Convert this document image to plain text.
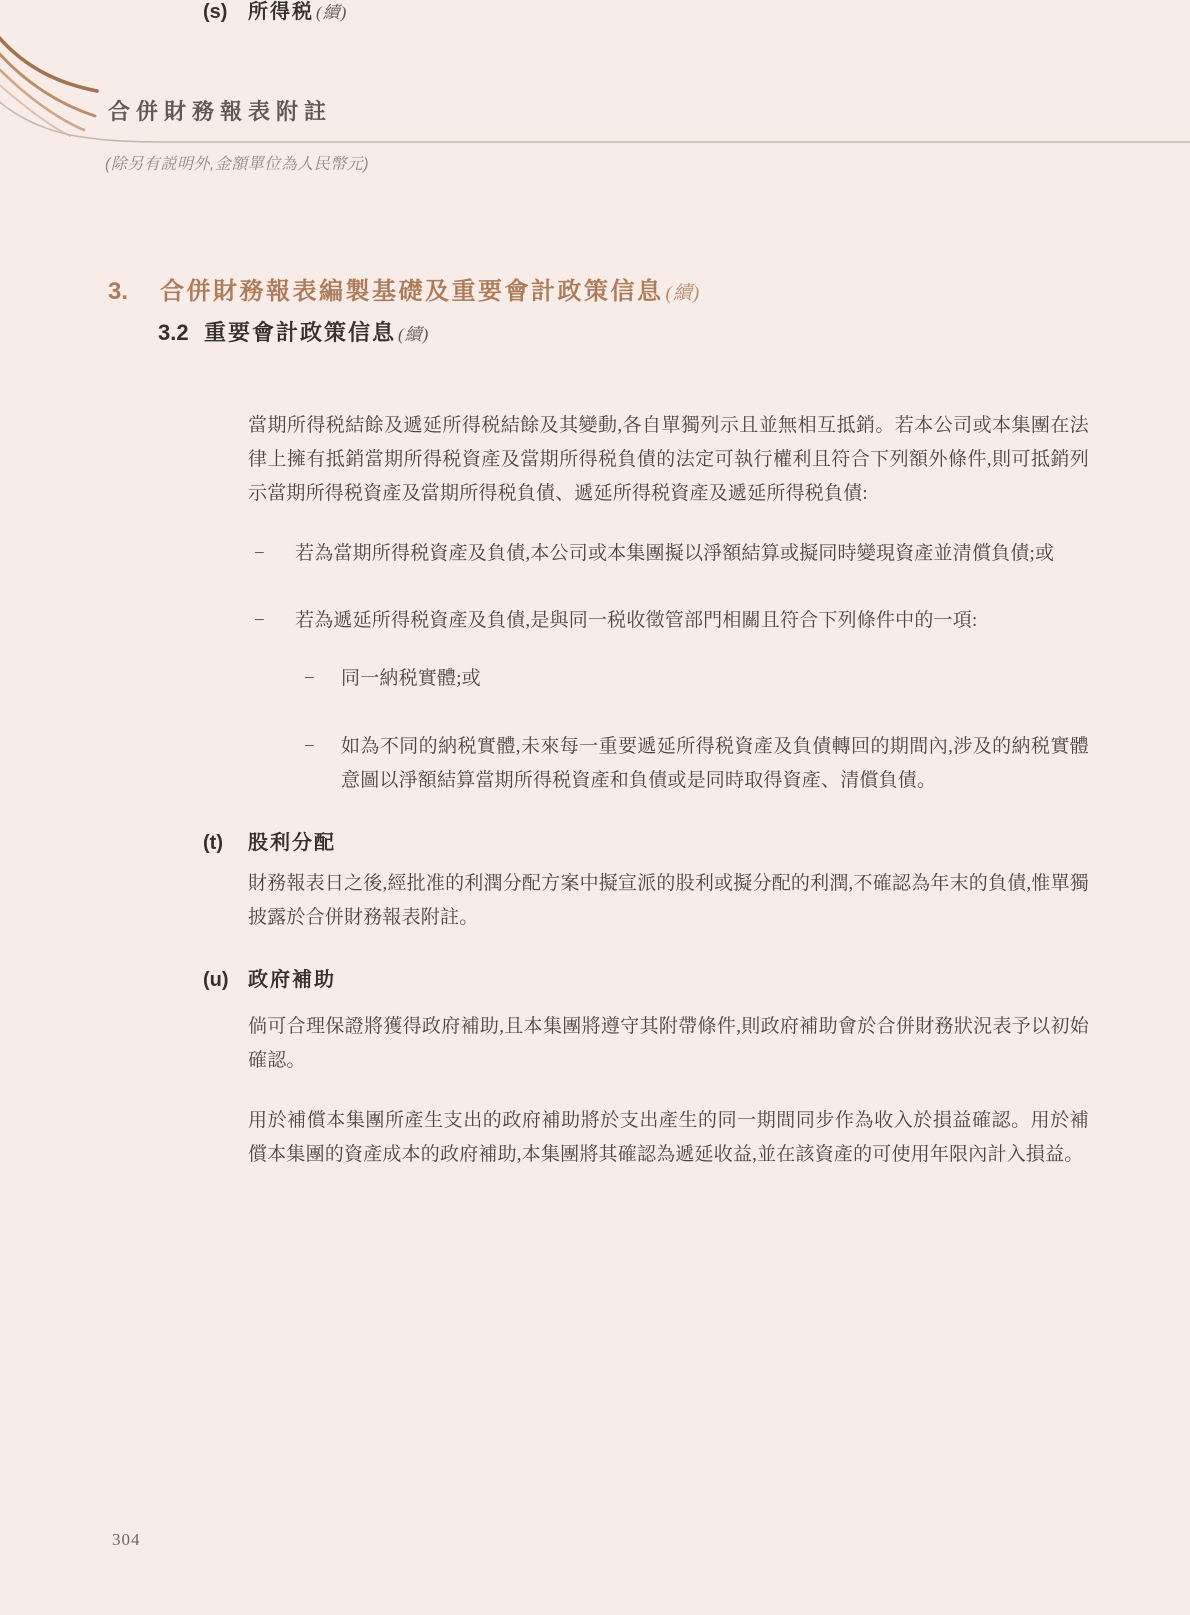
合併財務報表附註
(除另有説明外,金額單位為人民幣元)
3. 合併財務報表編製基礎及重要會計政策信息 (續)
3.2 重要會計政策信息 (續)
(s) 所得税 (續)

當期所得税結餘及遞延所得税結餘及其變動,各自單獨列示且並無相互抵銷。若本公司或本集團在法律上擁有抵銷當期所得税資產及當期所得税負債的法定可執行權利且符合下列額外條件,則可抵銷列示當期所得税資產及當期所得税負債、遞延所得税資產及遞延所得税負債:

−	若為當期所得税資產及負債,本公司或本集團擬以淨額結算或擬同時變現資產並清償負債;或
−	若為遞延所得税資產及負債,是與同一税收徵管部門相關且符合下列條件中的一項:
−	同一納税實體;或
−	如為不同的納税實體,未來每一重要遞延所得税資產及負債轉回的期間內,涉及的納税實體意圖以淨額結算當期所得税資產和負債或是同時取得資產、清償負債。
(t) 股利分配

財務報表日之後,經批准的利潤分配方案中擬宣派的股利或擬分配的利潤,不確認為年末的負債,惟單獨披露於合併財務報表附註。

(u) 政府補助

倘可合理保證將獲得政府補助,且本集團將遵守其附帶條件,則政府補助會於合併財務狀況表予以初始確認。

用於補償本集團所產生支出的政府補助將於支出產生的同一期間同步作為收入於損益確認。用於補償本集團的資產成本的政府補助,本集團將其確認為遞延收益,並在該資產的可使用年限內計入損益。

304
